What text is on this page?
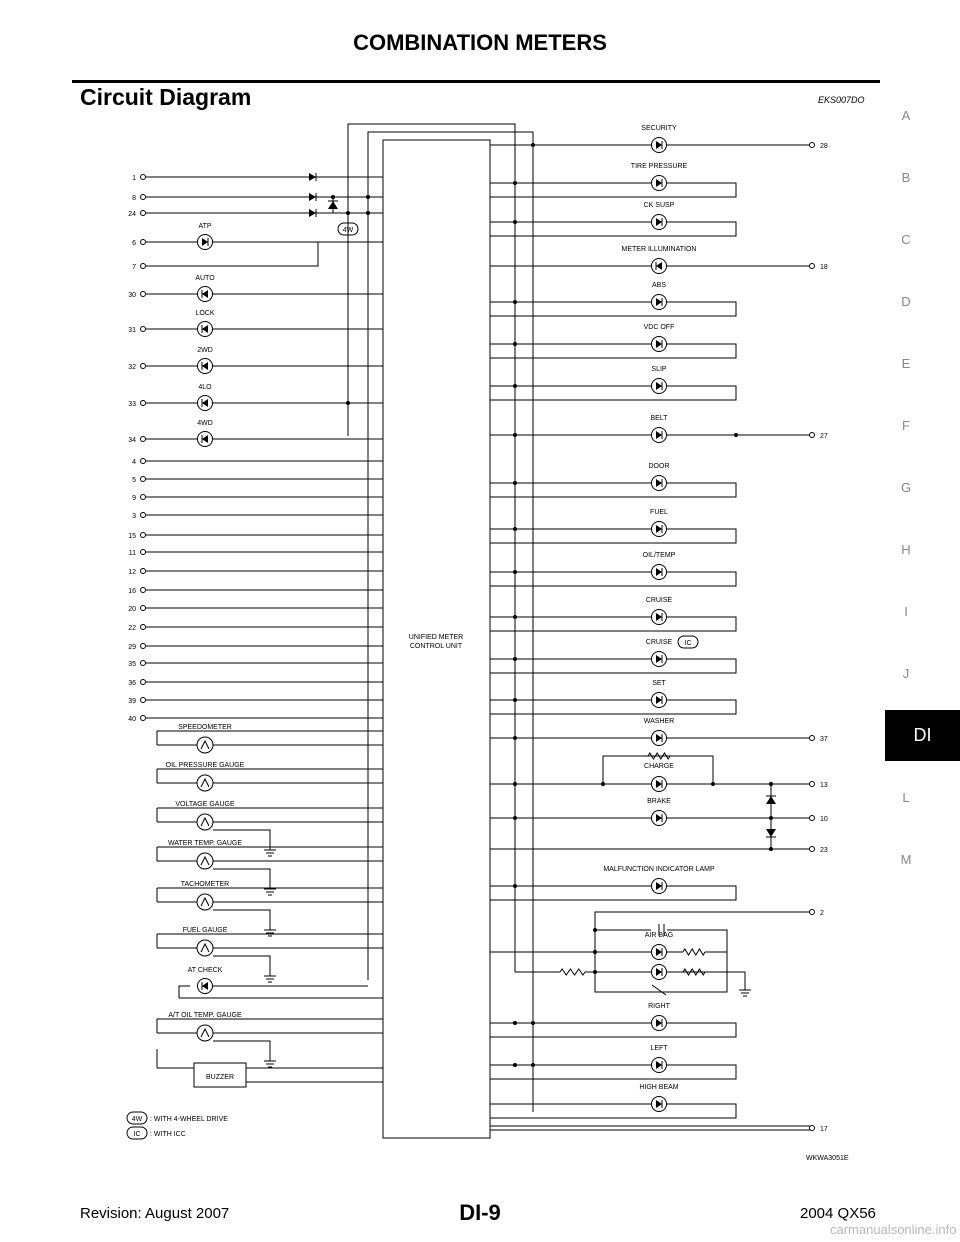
COMBINATION METERS
Circuit Diagram	EKS007DO
A
B
C
D
E
F
G
H
I
J
L
M
DI
UNIFIED METER
CONTROL UNIT
1
8
24
6
7
30
31
32
33
34
4
5
9
3
15
11
12
16
20
22
29
35
36
39
40
4W
ATP
AUTO
LOCK
2WD
4LO
4WD
SPEEDOMETER
OIL PRESSURE GAUGE
VOLTAGE GAUGE
WATER TEMP. GAUGE
TACHOMETER
FUEL GAUGE
A/T OIL TEMP. GAUGE
AT CHECK
BUZZER
SECURITY
TIRE PRESSURE
CK SUSP
METER ILLUMINATION
ABS
VDC OFF
SLIP
BELT
DOOR
FUEL
OIL/TEMP
CRUISE
CRUISE
SET
WASHER
CHARGE
BRAKE
MALFUNCTION INDICATOR LAMP
AIR BAG
RIGHT
LEFT
HIGH BEAM
IC
28
18
27
37
13
10
23
2
17
4W : WITH 4-WHEEL DRIVE
IC : WITH ICC
WKWA3051E
Revision: August 2007	DI-9	2004 QX56
carmanualsonline.info
